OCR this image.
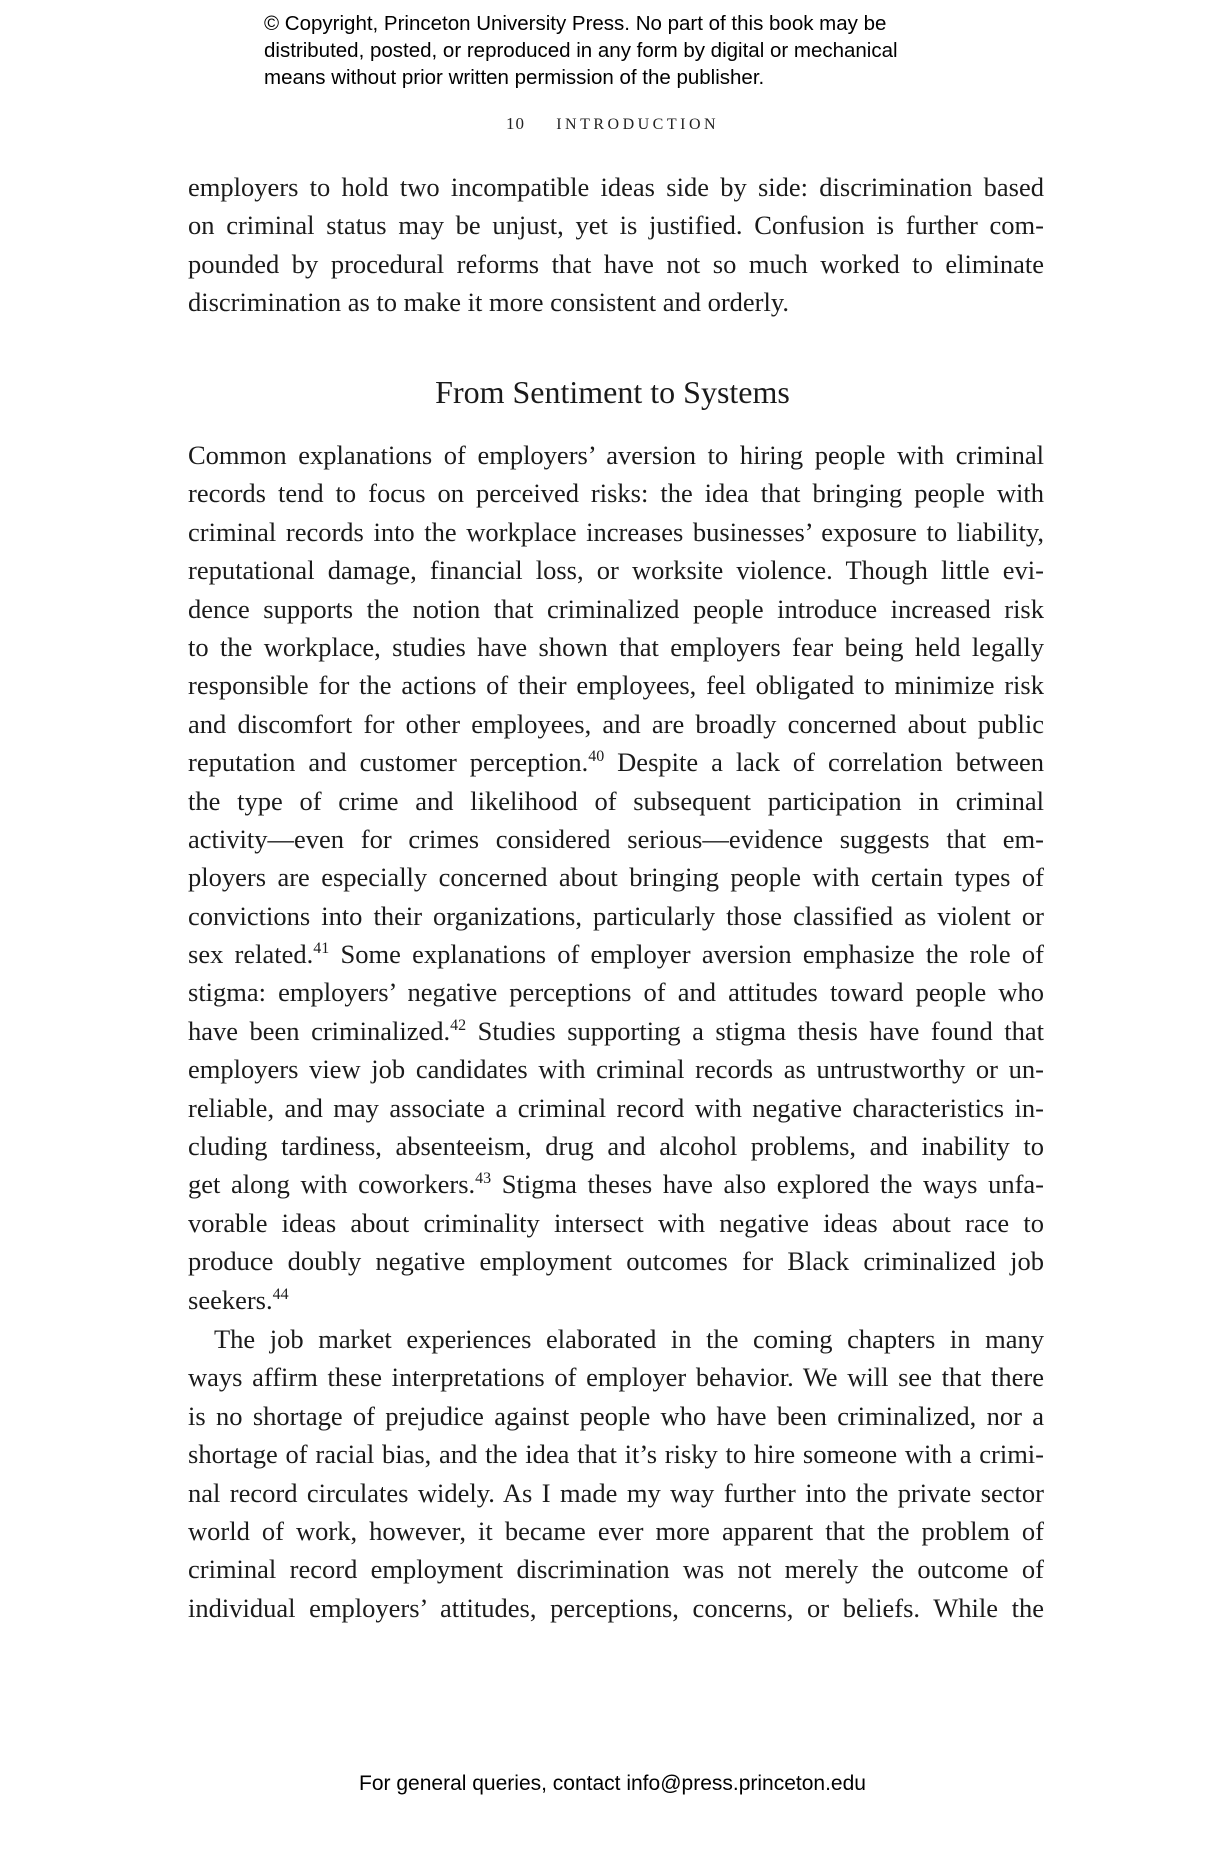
© Copyright, Princeton University Press. No part of this book may be
distributed, posted, or reproduced in any form by digital or mechanical
means without prior written permission of the publisher.
10 INTRODUCTION
employers to hold two incompatible ideas side by side: discrimination based
on criminal status may be unjust, yet is justified. Confusion is further com-
pounded by procedural reforms that have not so much worked to eliminate
discrimination as to make it more consistent and orderly.
From Sentiment to Systems
Common explanations of employers’ aversion to hiring people with criminal
records tend to focus on perceived risks: the idea that bringing people with
criminal records into the workplace increases businesses’ exposure to liability,
reputational damage, financial loss, or worksite violence. Though little evi-
dence supports the notion that criminalized people introduce increased risk
to the workplace, studies have shown that employers fear being held legally
responsible for the actions of their employees, feel obligated to minimize risk
and discomfort for other employees, and are broadly concerned about public
reputation and customer perception.$^{40}$ Despite a lack of correlation between
the type of crime and likelihood of subsequent participation in criminal
activity—even for crimes considered serious—evidence suggests that em-
ployers are especially concerned about bringing people with certain types of
convictions into their organizations, particularly those classified as violent or
sex related.$^{41}$ Some explanations of employer aversion emphasize the role of
stigma: employers’ negative perceptions of and attitudes toward people who
have been criminalized.$^{42}$ Studies supporting a stigma thesis have found that
employers view job candidates with criminal records as untrustworthy or un-
reliable, and may associate a criminal record with negative characteristics in-
cluding tardiness, absenteeism, drug and alcohol problems, and inability to
get along with coworkers.$^{43}$ Stigma theses have also explored the ways unfa-
vorable ideas about criminality intersect with negative ideas about race to
produce doubly negative employment outcomes for Black criminalized job
seekers.$^{44}$
The job market experiences elaborated in the coming chapters in many
ways affirm these interpretations of employer behavior. We will see that there
is no shortage of prejudice against people who have been criminalized, nor a
shortage of racial bias, and the idea that it’s risky to hire someone with a crimi-
nal record circulates widely. As I made my way further into the private sector
world of work, however, it became ever more apparent that the problem of
criminal record employment discrimination was not merely the outcome of
individual employers’ attitudes, perceptions, concerns, or beliefs. While the
For general queries, contact info@press.princeton.edu
